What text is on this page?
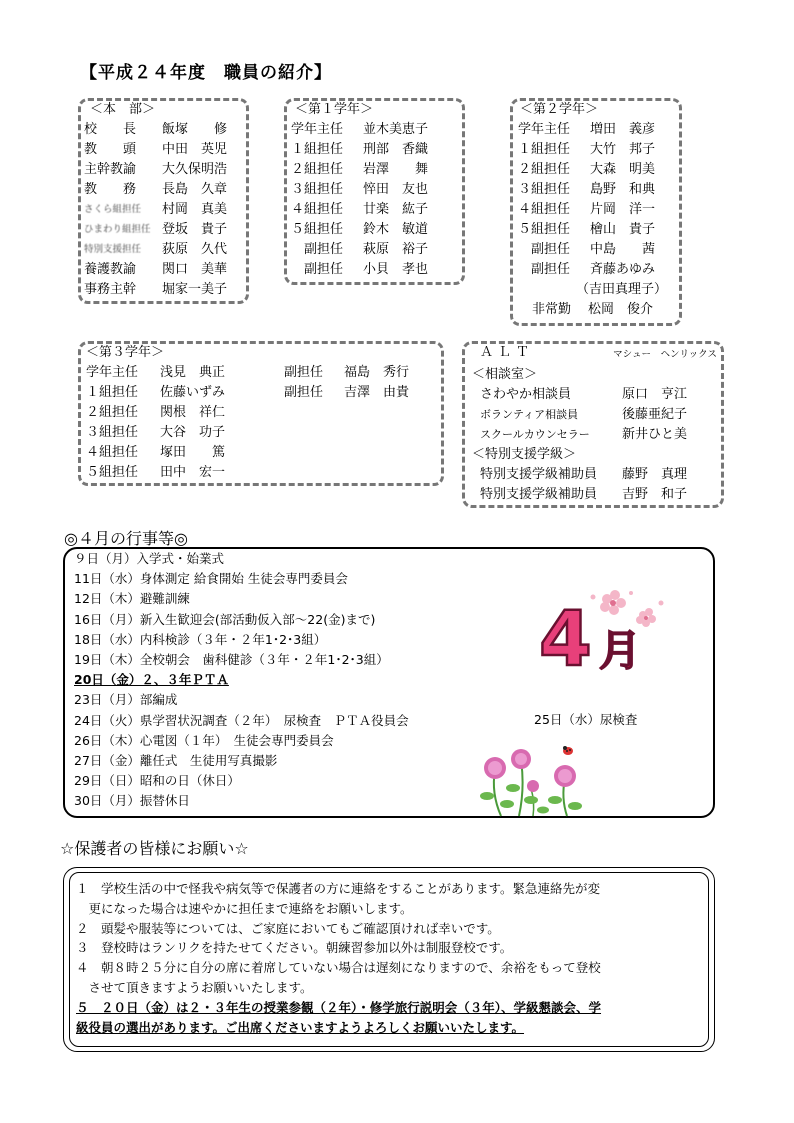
【平成２４年度　職員の紹介】
＜本　部＞
校　　長	飯塚　　修
教　　頭	中田　英児
主幹教諭	大久保明浩
教　　務	長島　久章
さくら組担任	村岡　真美
ひまわり組担任 登坂　貴子
特別支援担任	荻原　久代
養護教諭	関口　美華
事務主幹	堀家一美子
＜第１学年＞
学年主任	並木美恵子
１組担任	刑部　香織
２組担任	岩澤　　舞
３組担任	悴田　友也
４組担任	廿楽　紘子
５組担任	鈴木　敏道
　副担任	萩原　裕子
　副担任	小貝　孝也
＜第２学年＞
学年主任	増田　義彦
１組担任	大竹　邦子
２組担任	大森　明美
３組担任	島野　和典
４組担任	片岡　洋一
５組担任	檜山　貴子
　副担任	中島　　茜
　副担任	斉藤あゆみ
（吉田真理子）
非常勤	松岡　俊介
＜第３学年＞
学年主任	浅見　典正
１組担任	佐藤いずみ
２組担任	関根　祥仁
３組担任	大谷　功子
４組担任	塚田　　篤
５組担任	田中　宏一
副担任	福島　秀行
副担任	吉澤　由貴
ＡＬＴ	マシュー　ヘンリックス
＜相談室＞
さわやか相談員	原口　亨江
ボランティア相談員	後藤亜紀子
スクールカウンセラー	新井ひと美
＜特別支援学級＞
特別支援学級補助員	藤野　真理
特別支援学級補助員	吉野　和子
◎４月の行事等◎
９日（月）入学式・始業式
11日（水）身体測定 給食開始 生徒会専門委員会
12日（木）避難訓練
16日（月）新入生歓迎会(部活動仮入部～22(金)まで)
18日（水）内科検診（３年・２年1･2･3組）
19日（木）全校朝会　歯科健診（３年・２年1･2･3組）
20日（金）２、３年ＰＴＡ
23日（月）部編成
24日（火）県学習状況調査（２年）　尿検査　ＰＴＡ役員会
26日（木）心電図（１年）　生徒会専門委員会
27日（金）離任式　生徒用写真撮影
29日（日）昭和の日（休日）
30日（月）振替休日
25日（水）尿検査
4 月
☆保護者の皆様にお願い☆
１　学校生活の中で怪我や病気等で保護者の方に連絡をすることがあります。緊急連絡先が変
　更になった場合は速やかに担任まで連絡をお願いします。
２　頭髪や服装等については、ご家庭においてもご確認頂ければ幸いです。
３　登校時はランリクを持たせてください。朝練習参加以外は制服登校です。
４　朝８時２５分に自分の席に着席していない場合は遅刻になりますので、余裕をもって登校
　させて頂きますようお願いいたします。
５　２０日（金）は２・３年生の授業参観（２年）・修学旅行説明会（３年）、学級懇談会、学
級役員の選出があります。ご出席くださいますようよろしくお願いいたします。
